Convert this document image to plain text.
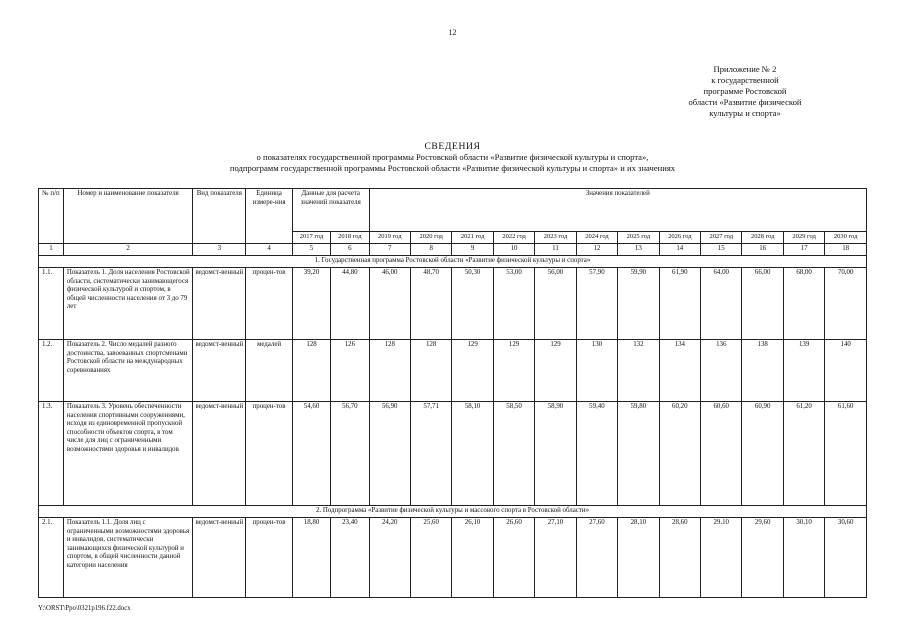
12
Приложение № 2
к государственной
программе Ростовской
области «Развитие физической
культуры и спорта»
СВЕДЕНИЯ
о показателях государственной программы Ростовской области «Развитие физической культуры и спорта»,
подпрограмм государственной программы Ростовской области «Развитие физической культуры и спорта» и их значениях
№ п/п	Номер и наименование показателя	Вид показателя	Единица измере-ния	Данные для расчета значений показателя		Значения показателей											
				2017 год	2018 год	2019 год	2020 год	2021 год	2022 год	2023 год	2024 год	2025 год	2026 год	2027 год	2028 год	2029 год	2030 год
1	2	3	4	5	6	7	8	9	10	11	12	13	14	15	16	17	18
1. Государственная программа Ростовской области «Развитие физической культуры и спорта»																	
1.1.	Показатель 1. Доля населения Ростовской области, систематически занимающегося физической культурой и спортом, в общей численности населения от 3 до 79 лет	ведомст-венный	процен-тов	39,20	44,80	46,00	48,70	50,30	53,00	56,00	57,90	59,90	61,90	64,00	66,00	68,00	70,00
1.2.	Показатель 2. Число медалей разного достоинства, завоеванных спортсменами Ростовской области на международных соревнованиях	ведомст-венный	медалей	128	126	128	128	129	129	129	130	132	134	136	138	139	140
1.3.	Показатель 3. Уровень обеспеченности населения спортивными сооружениями, исходя из единовременной пропускной способности объектов спорта, в том числе для лиц с ограниченными возможностями здоровья и инвалидов	ведомст-венный	процен-тов	54,60	56,70	56,90	57,71	58,10	58,50	58,90	59,40	59,80	60,20	60,60	60,90	61,20	61,60
2. Подпрограмма «Развитие физической культуры и массового спорта в Ростовской области»																	
2.1.	Показатель 1.1. Доля лиц с ограниченными возможностями здоровья и инвалидов, систематически занимающихся физической культурой и спортом, в общей численности данной категории населения	ведомст-венный	процен-тов	18,80	23,40	24,20	25,60	26,10	26,60	27,10	27,60	28,10	28,60	29,10	29,60	30,10	30,60
Y:\ORST\Ppo\0321p196.f22.docx
